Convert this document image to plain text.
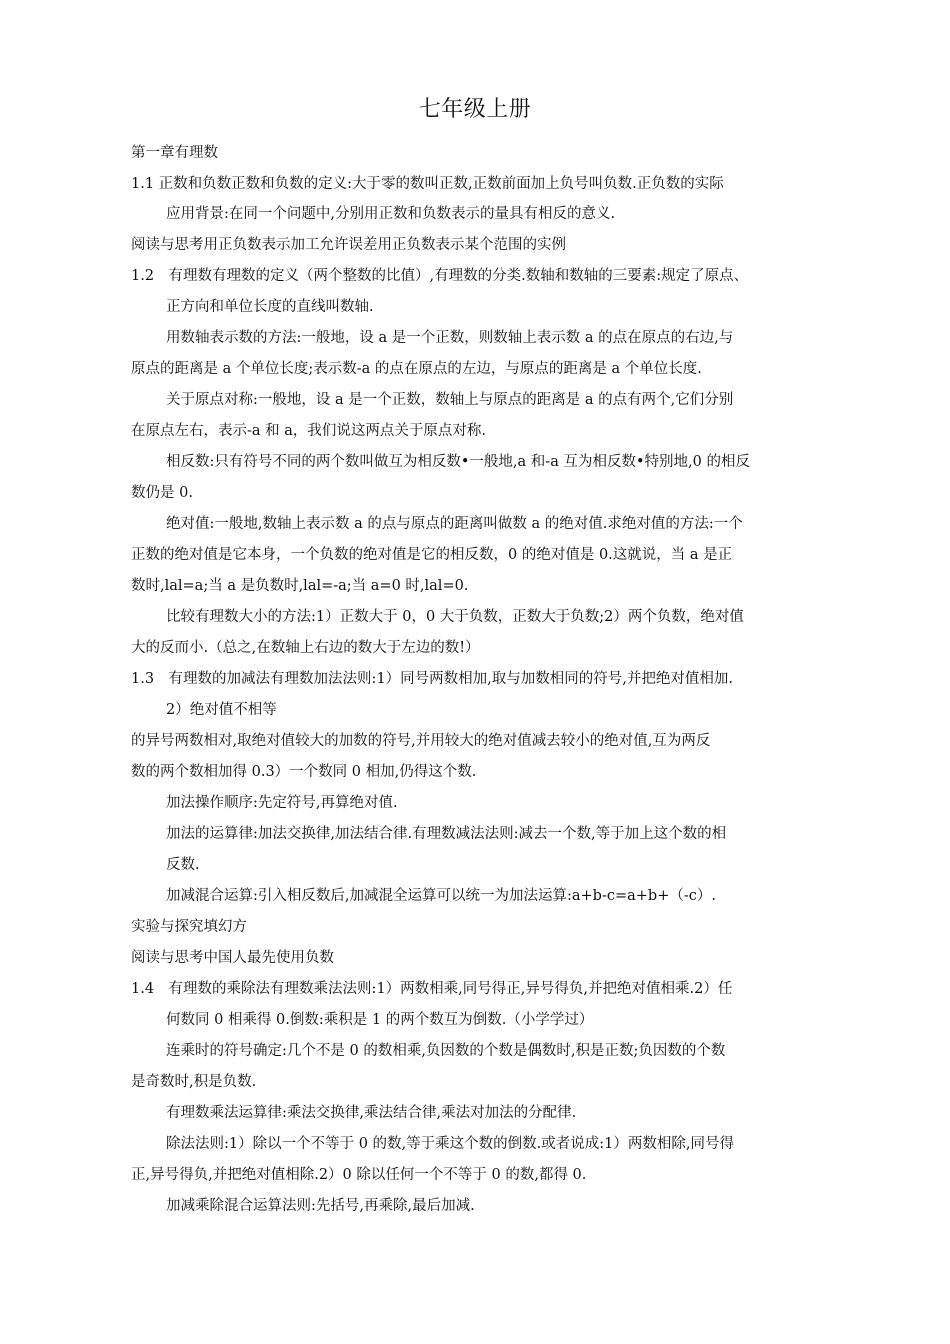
七年级上册
第一章有理数
1.1 正数和负数正数和负数的定义:大于零的数叫正数,正数前面加上负号叫负数.正负数的实际
应用背景:在同一个问题中,分别用正数和负数表示的量具有相反的意义.
阅读与思考用正负数表示加工允许误差用正负数表示某个范围的实例
1.2　有理数有理数的定义（两个整数的比值）,有理数的分类.数轴和数轴的三要素:规定了原点、
正方向和单位长度的直线叫数轴.
用数轴表示数的方法:一般地，设 a 是一个正数，则数轴上表示数 a 的点在原点的右边,与
原点的距离是 a 个单位长度;表示数-a 的点在原点的左边，与原点的距离是 a 个单位长度.
关于原点对称:一般地，设 a 是一个正数，数轴上与原点的距离是 a 的点有两个,它们分别
在原点左右，表示-a 和 a，我们说这两点关于原点对称.
相反数:只有符号不同的两个数叫做互为相反数•一般地,a 和-a 互为相反数•特别地,0 的相反
数仍是 0.
绝对值:一般地,数轴上表示数 a 的点与原点的距离叫做数 a 的绝对值.求绝对值的方法:一个
正数的绝对值是它本身，一个负数的绝对值是它的相反数，0 的绝对值是 0.这就说，当 a 是正
数时,lal=a;当 a 是负数时,lal=-a;当 a=0 时,lal=0.
比较有理数大小的方法:1）正数大于 0，0 大于负数，正数大于负数;2）两个负数，绝对值
大的反而小.（总之,在数轴上右边的数大于左边的数!）
1.3　有理数的加减法有理数加法法则:1）同号两数相加,取与加数相同的符号,并把绝对值相加.
2）绝对值不相等
的异号两数相对,取绝对值较大的加数的符号,并用较大的绝对值减去较小的绝对值,互为两反
数的两个数相加得 0.3）一个数同 0 相加,仍得这个数.
加法操作顺序:先定符号,再算绝对值.
加法的运算律:加法交换律,加法结合律.有理数减法法则:减去一个数,等于加上这个数的相
反数.
加减混合运算:引入相反数后,加减混全运算可以统一为加法运算:a+b-c=a+b+（-c）.
实验与探究填幻方
阅读与思考中国人最先使用负数
1.4　有理数的乘除法有理数乘法法则:1）两数相乘,同号得正,异号得负,并把绝对值相乘.2）任
何数同 0 相乘得 0.倒数:乘积是 1 的两个数互为倒数.（小学学过）
连乘时的符号确定:几个不是 0 的数相乘,负因数的个数是偶数时,积是正数;负因数的个数
是奇数时,积是负数.
有理数乘法运算律:乘法交换律,乘法结合律,乘法对加法的分配律.
除法法则:1）除以一个不等于 0 的数,等于乘这个数的倒数.或者说成:1）两数相除,同号得
正,异号得负,并把绝对值相除.2）0 除以任何一个不等于 0 的数,都得 0.
加减乘除混合运算法则:先括号,再乘除,最后加减.
